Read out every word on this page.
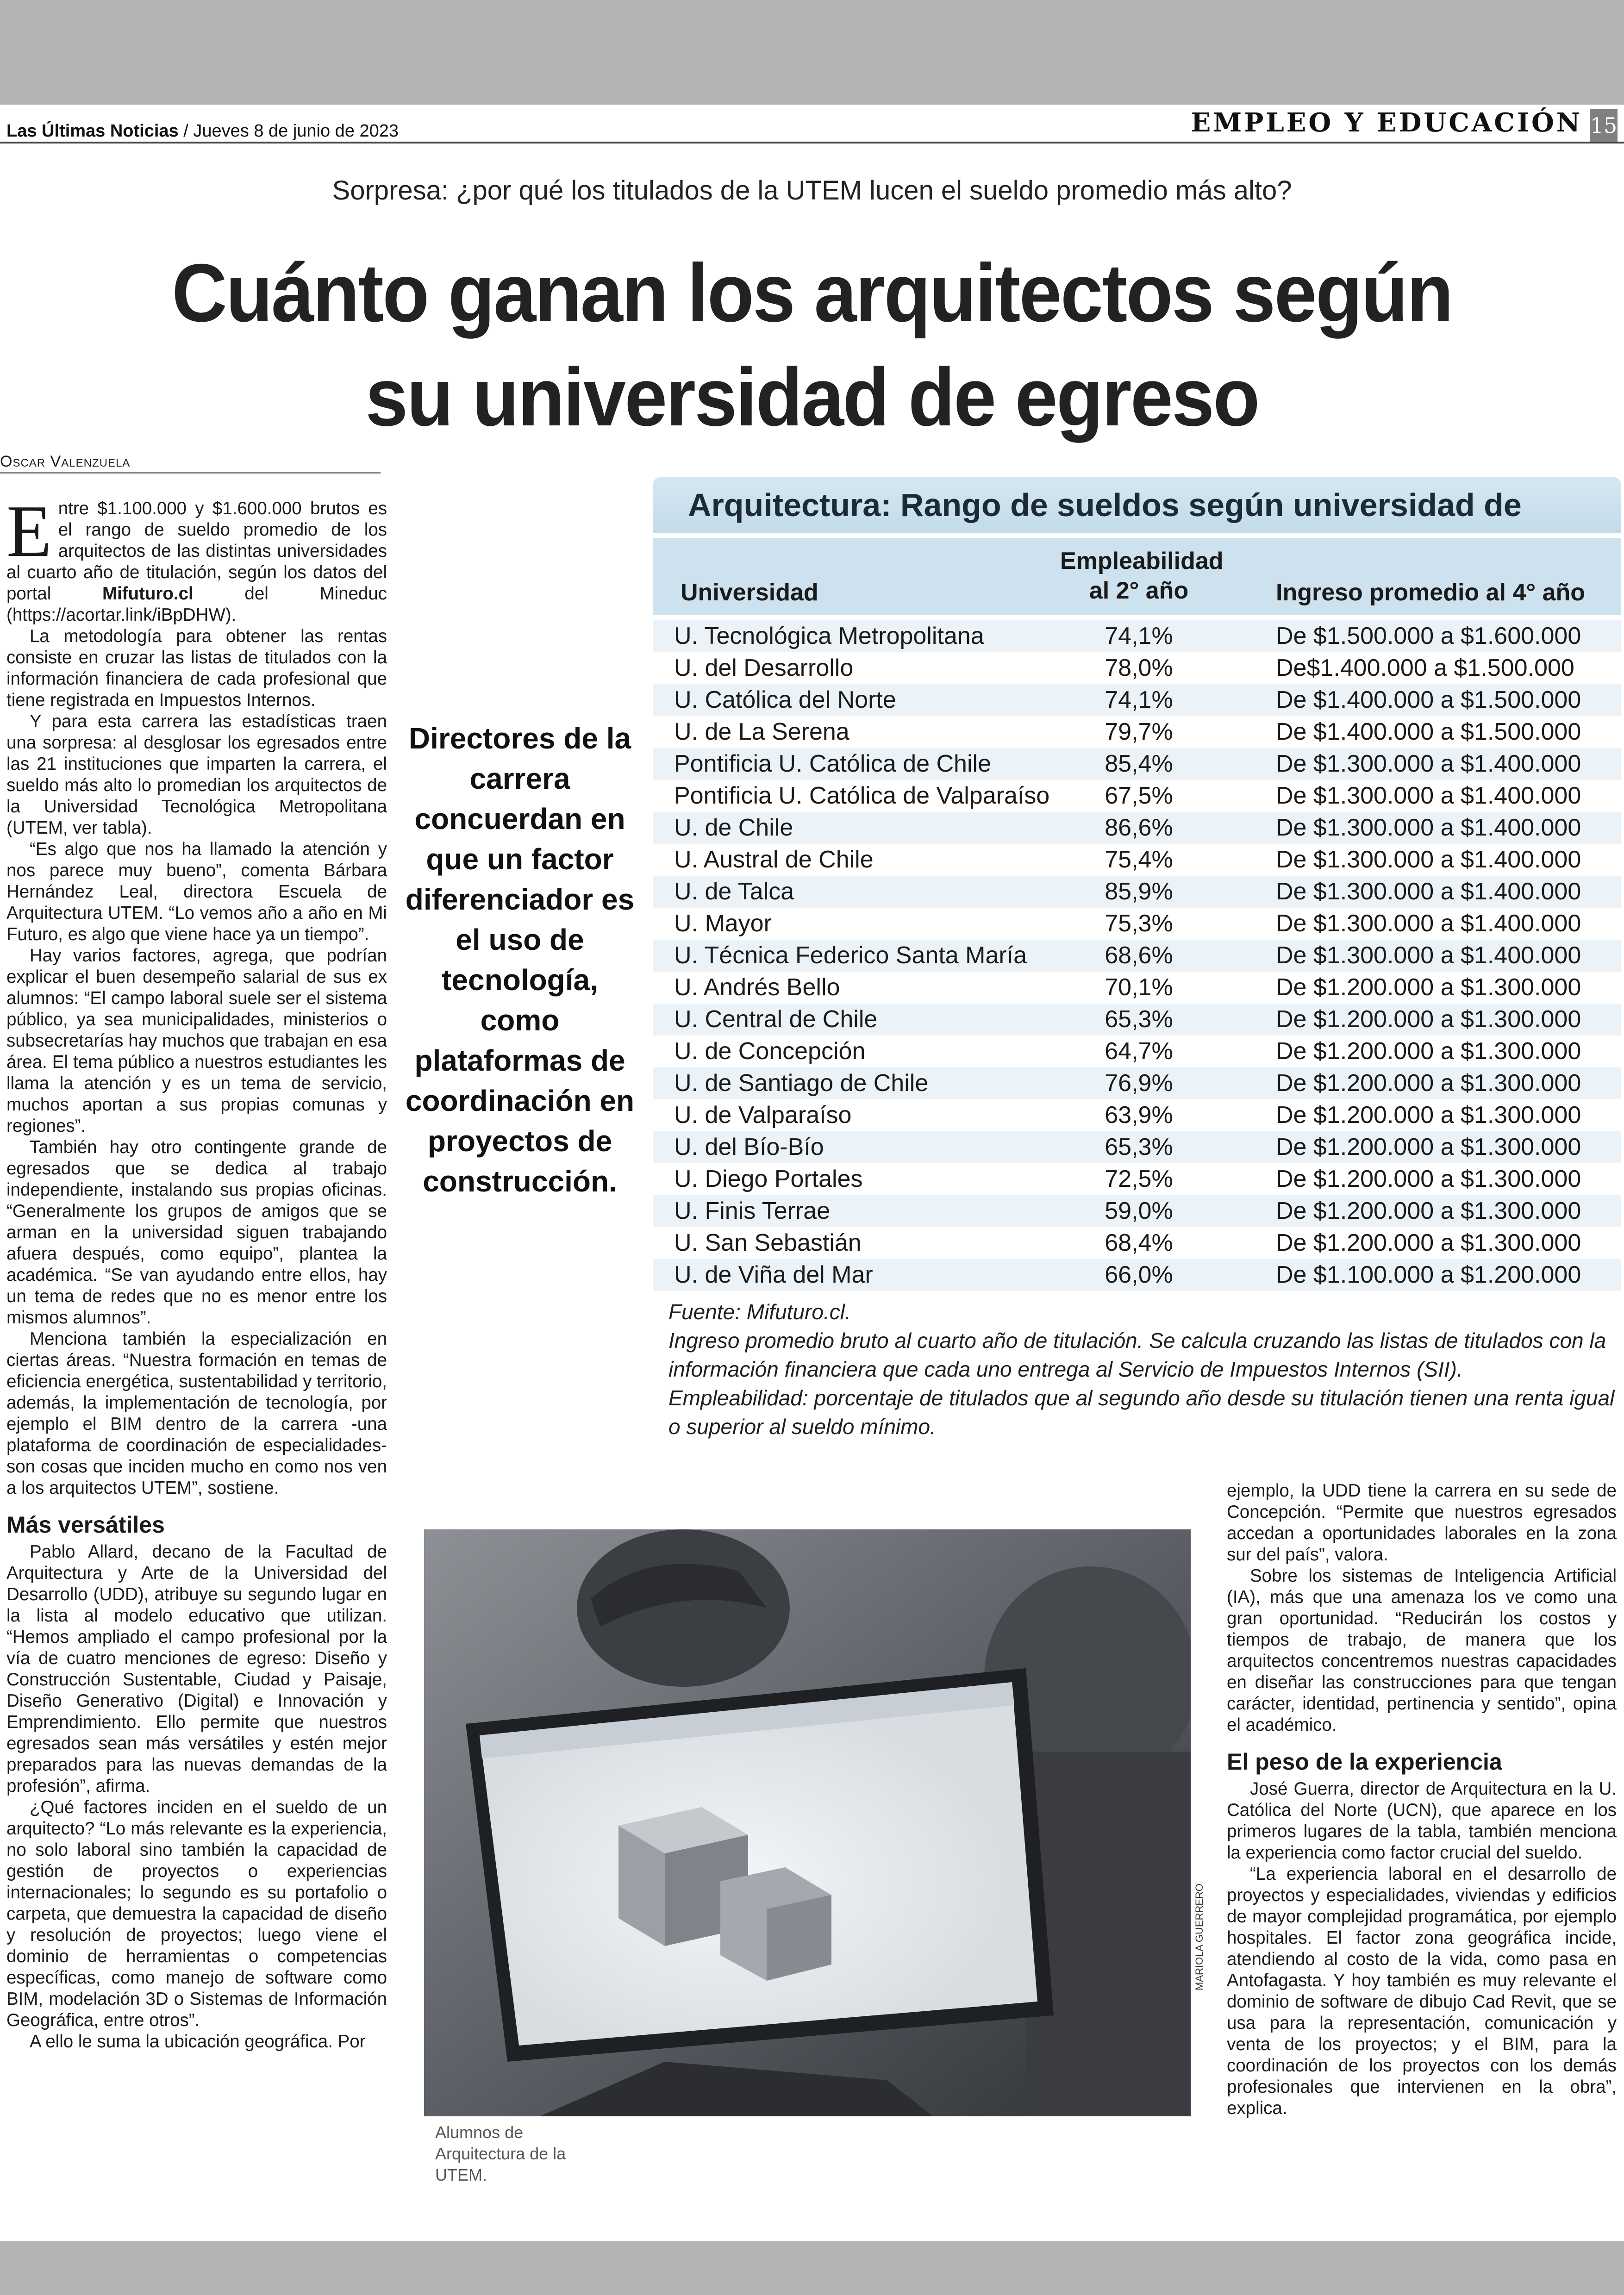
Las Últimas Noticias / Jueves 8 de junio de 2023	EMPLEO Y EDUCACIÓN 15
Sorpresa: ¿por qué los titulados de la UTEM lucen el sueldo promedio más alto?
Cuánto ganan los arquitectos según
su universidad de egreso
Oscar Valenzuela

Entre $1.100.000 y $1.600.000 brutos es el rango de sueldo promedio de los arquitectos de las distintas universidades al cuarto año de titulación, según los datos del portal Mifuturo.cl del Mineduc (https://acortar.link/iBpDHW).

La metodología para obtener las rentas consiste en cruzar las listas de titulados con la información financiera de cada profesional que tiene registrada en Impuestos Internos.

Y para esta carrera las estadísticas traen una sorpresa: al desglosar los egresados entre las 21 instituciones que imparten la carrera, el sueldo más alto lo promedian los arquitectos de la Universidad Tecnológica Metropolitana (UTEM, ver tabla).

“Es algo que nos ha llamado la atención y nos parece muy bueno”, comenta Bárbara Hernández Leal, directora Escuela de Arquitectura UTEM. “Lo vemos año a año en Mi Futuro, es algo que viene hace ya un tiempo”.

Hay varios factores, agrega, que podrían explicar el buen desempeño salarial de sus ex alumnos: “El campo laboral suele ser el sistema público, ya sea municipalidades, ministerios o subsecretarías hay muchos que trabajan en esa área. El tema público a nuestros estudiantes les llama la atención y es un tema de servicio, muchos aportan a sus propias comunas y regiones”.

También hay otro contingente grande de egresados que se dedica al trabajo independiente, instalando sus propias oficinas. “Generalmente los grupos de amigos que se arman en la universidad siguen trabajando afuera después, como equipo”, plantea la académica. “Se van ayudando entre ellos, hay un tema de redes que no es menor entre los mismos alumnos”.

Menciona también la especialización en ciertas áreas. “Nuestra formación en temas de eficiencia energética, sustentabilidad y territorio, además, la implementación de tecnología, por ejemplo el BIM dentro de la carrera -una plataforma de coordinación de especialidades- son cosas que inciden mucho en como nos ven a los arquitectos UTEM”, sostiene.

Más versátiles

Pablo Allard, decano de la Facultad de Arquitectura y Arte de la Universidad del Desarrollo (UDD), atribuye su segundo lugar en la lista al modelo educativo que utilizan. “Hemos ampliado el campo profesional por la vía de cuatro menciones de egreso: Diseño y Construcción Sustentable, Ciudad y Paisaje, Diseño Generativo (Digital) e Innovación y Emprendimiento. Ello permite que nuestros egresados sean más versátiles y estén mejor preparados para las nuevas demandas de la profesión”, afirma.

¿Qué factores inciden en el sueldo de un arquitecto? “Lo más relevante es la experiencia, no solo laboral sino también la capacidad de gestión de proyectos o experiencias internacionales; lo segundo es su portafolio o carpeta, que demuestra la capacidad de diseño y resolución de proyectos; luego viene el dominio de herramientas o competencias específicas, como manejo de software como BIM, modelación 3D o Sistemas de Información Geográfica, entre otros”.

A ello le suma la ubicación geográfica. Por

Directores de la carrera concuerdan en que un factor diferenciador es el uso de tecnología, como plataformas de coordinación en proyectos de construcción.
Arquitectura: Rango de sueldos según universidad de
Universidad
Empleabilidad
al 2° año	Ingreso promedio al 4° año
U. Tecnológica Metropolitana	74,1%	De $1.500.000 a $1.600.000
U. del Desarrollo	78,0%	De$1.400.000 a $1.500.000
U. Católica del Norte	74,1%	De $1.400.000 a $1.500.000
U. de La Serena	79,7%	De $1.400.000 a $1.500.000
Pontificia U. Católica de Chile	85,4%	De $1.300.000 a $1.400.000
Pontificia U. Católica de Valparaíso	67,5%	De $1.300.000 a $1.400.000
U. de Chile	86,6%	De $1.300.000 a $1.400.000
U. Austral de Chile	75,4%	De $1.300.000 a $1.400.000
U. de Talca	85,9%	De $1.300.000 a $1.400.000
U. Mayor	75,3%	De $1.300.000 a $1.400.000
U. Técnica Federico Santa María	68,6%	De $1.300.000 a $1.400.000
U. Andrés Bello	70,1%	De $1.200.000 a $1.300.000
U. Central de Chile	65,3%	De $1.200.000 a $1.300.000
U. de Concepción	64,7%	De $1.200.000 a $1.300.000
U. de Santiago de Chile	76,9%	De $1.200.000 a $1.300.000
U. de Valparaíso	63,9%	De $1.200.000 a $1.300.000
U. del Bío-Bío	65,3%	De $1.200.000 a $1.300.000
U. Diego Portales	72,5%	De $1.200.000 a $1.300.000
U. Finis Terrae	59,0%	De $1.200.000 a $1.300.000
U. San Sebastián	68,4%	De $1.200.000 a $1.300.000
U. de Viña del Mar	66,0%	De $1.100.000 a $1.200.000
Fuente: Mifuturo.cl.
Ingreso promedio bruto al cuarto año de titulación. Se calcula cruzando las listas de titulados con la información financiera que cada uno entrega al Servicio de Impuestos Internos (SII).
Empleabilidad: porcentaje de titulados que al segundo año desde su titulación tienen una renta igual o superior al sueldo mínimo.
MARIOLA GUERRERO
Alumnos de Arquitectura de la UTEM.

ejemplo, la UDD tiene la carrera en su sede de Concepción. “Permite que nuestros egresados accedan a oportunidades laborales en la zona sur del país”, valora.

Sobre los sistemas de Inteligencia Artificial (IA), más que una amenaza los ve como una gran oportunidad. “Reducirán los costos y tiempos de trabajo, de manera que los arquitectos concentremos nuestras capacidades en diseñar las construcciones para que tengan carácter, identidad, pertinencia y sentido”, opina el académico.

El peso de la experiencia

José Guerra, director de Arquitectura en la U. Católica del Norte (UCN), que aparece en los primeros lugares de la tabla, también menciona la experiencia como factor crucial del sueldo.

“La experiencia laboral en el desarrollo de proyectos y especialidades, viviendas y edificios de mayor complejidad programática, por ejemplo hospitales. El factor zona geográfica incide, atendiendo al costo de la vida, como pasa en Antofagasta. Y hoy también es muy relevante el dominio de software de dibujo Cad Revit, que se usa para la representación, comunicación y venta de los proyectos; y el BIM, para la coordinación de los proyectos con los demás profesionales que intervienen en la obra”, explica.
